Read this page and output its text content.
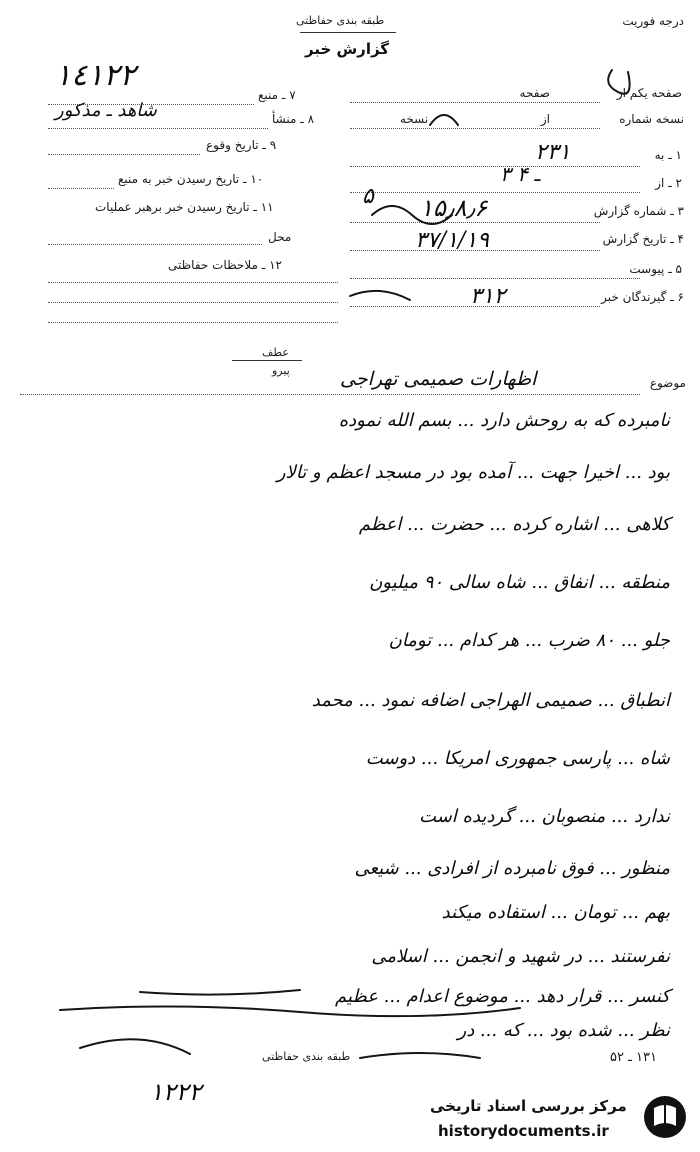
درجه فوریت
طبقه بندی حفاظتی
گزارش خبر
١٤١٢٢
۷ ـ منبع
۸ ـ منشأ
شاهد ـ مذکور
۹ ـ تاریخ وقوع
۱۰ ـ تاریخ رسیدن خبر به منبع
۱۱ ـ تاریخ رسیدن خبر برهبر عملیات
محل
۱۲ ـ ملاحظات حفاظتی
صفحه یکم از
صفحه
نسخه شماره
از
نسخه
۱ ـ به
۲۳۱
۲ ـ از
۳ ـ ۴
۳ ـ شماره گزارش
۱۵٫۸٫۶
۵
۴ ـ تاریخ گزارش
۳۷/۱/۱۹
۵ ـ پیوست
۶ ـ گیرندگان خبر
۳۱۲
عطف
پیرو
موضوع
اظهارات صمیمی تهراجی
نامبرده که به روحش دارد ... بسم الله نموده
بود ... اخیرا جهت ... آمده بود در مسجد اعظم و تالار
کلاهی ... اشاره کرده ... حضرت ... اعظم
منطقه ... انفاق ... شاه سالی ۹۰ میلیون
جلو ... ۸۰ ضرب ... هر کدام ... تومان
انطباق ... صمیمی الهراجی اضافه نمود ... محمد
شاه ... پارسی جمهوری امریکا ... دوست
ندارد ... منصوبان ... گردیده است
منظور ... فوق نامبرده از افرادی ... شیعی
بهم ... تومان ... استفاده میکند
نفرستند ... در شهید و انجمن ... اسلامی
کنسر ... قرار دهد ... موضوع اعدام ... عظیم
نظر ... شده بود ... که ... در
۱۳۱ ـ ۵۲
طبقه بندی حفاظتی
۱۲۲۲	مرکز بررسی اسناد تاریخی
historydocuments.ir
